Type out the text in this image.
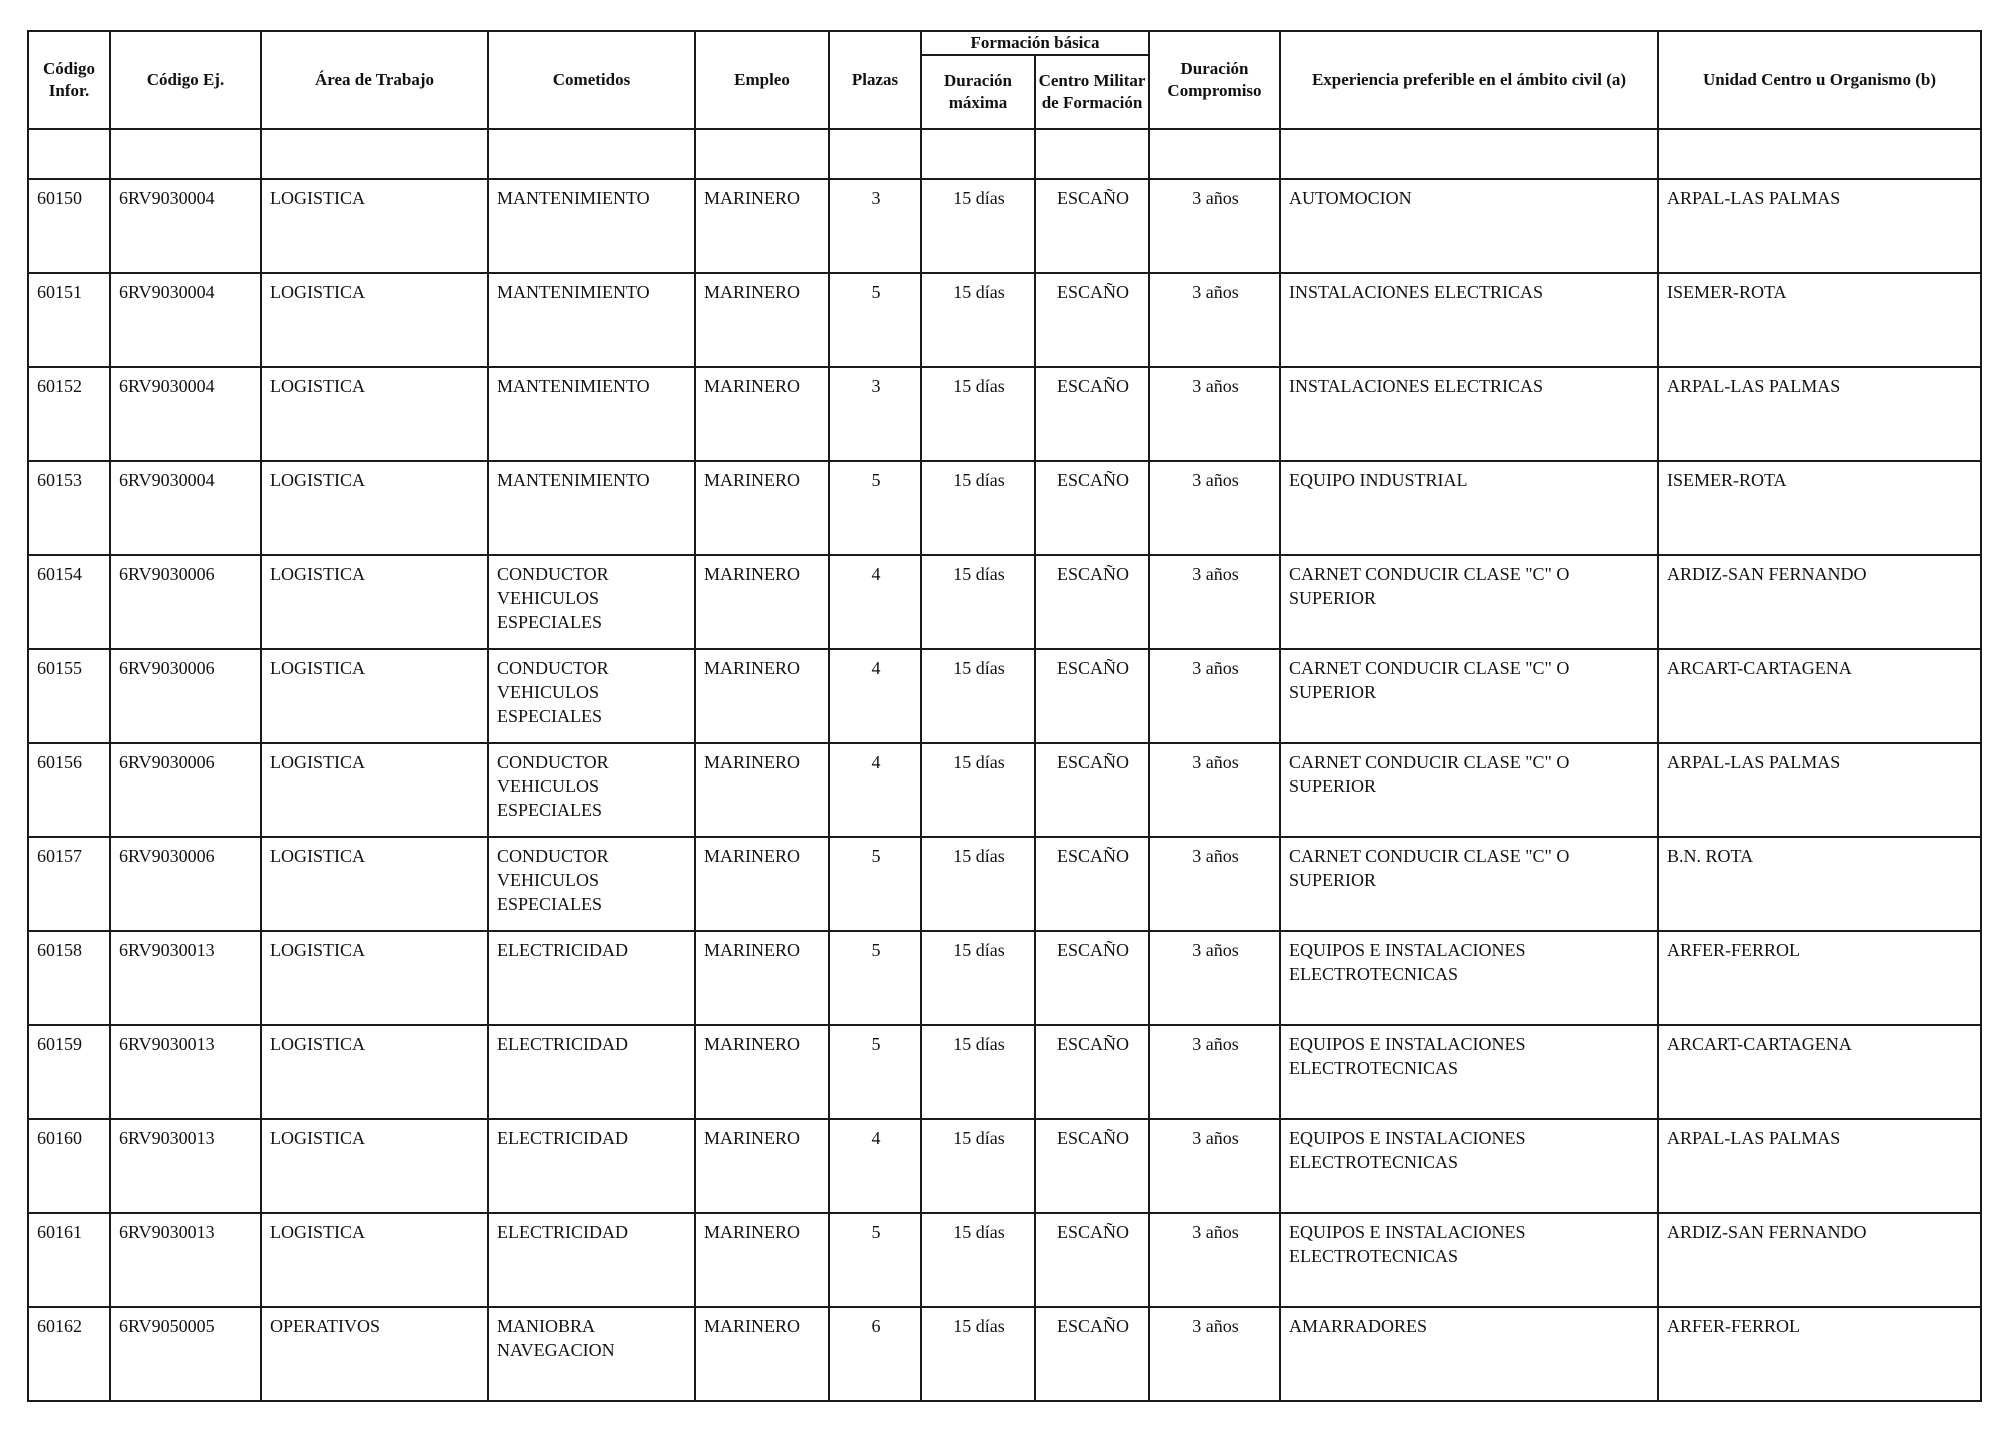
Código Infor.	Código Ej.	Área de Trabajo	Cometidos	Empleo	Plazas	Formación básica		Duración Compromiso	Experiencia preferible en el ámbito civil (a)	Unidad Centro u Organismo (b)
						Duración máxima	Centro Militar de Formación			

60150	6RV9030004	LOGISTICA	MANTENIMIENTO	MARINERO	3	15 días	ESCAÑO	3 años	AUTOMOCION	ARPAL-LAS PALMAS

60151	6RV9030004	LOGISTICA	MANTENIMIENTO	MARINERO	5	15 días	ESCAÑO	3 años	INSTALACIONES ELECTRICAS	ISEMER-ROTA

60152	6RV9030004	LOGISTICA	MANTENIMIENTO	MARINERO	3	15 días	ESCAÑO	3 años	INSTALACIONES ELECTRICAS	ARPAL-LAS PALMAS

60153	6RV9030004	LOGISTICA	MANTENIMIENTO	MARINERO	5	15 días	ESCAÑO	3 años	EQUIPO INDUSTRIAL	ISEMER-ROTA

60154	6RV9030006	LOGISTICA	CONDUCTOR
VEHICULOS
ESPECIALES	MARINERO	4	15 días	ESCAÑO	3 años	CARNET CONDUCIR CLASE "C" O
SUPERIOR	ARDIZ-SAN FERNANDO

60155	6RV9030006	LOGISTICA	CONDUCTOR
VEHICULOS
ESPECIALES	MARINERO	4	15 días	ESCAÑO	3 años	CARNET CONDUCIR CLASE "C" O
SUPERIOR	ARCART-CARTAGENA

60156	6RV9030006	LOGISTICA	CONDUCTOR
VEHICULOS
ESPECIALES	MARINERO	4	15 días	ESCAÑO	3 años	CARNET CONDUCIR CLASE "C" O
SUPERIOR	ARPAL-LAS PALMAS

60157	6RV9030006	LOGISTICA	CONDUCTOR
VEHICULOS
ESPECIALES	MARINERO	5	15 días	ESCAÑO	3 años	CARNET CONDUCIR CLASE "C" O
SUPERIOR	B.N. ROTA

60158	6RV9030013	LOGISTICA	ELECTRICIDAD	MARINERO	5	15 días	ESCAÑO	3 años	EQUIPOS E INSTALACIONES
ELECTROTECNICAS	ARFER-FERROL

60159	6RV9030013	LOGISTICA	ELECTRICIDAD	MARINERO	5	15 días	ESCAÑO	3 años	EQUIPOS E INSTALACIONES
ELECTROTECNICAS	ARCART-CARTAGENA

60160	6RV9030013	LOGISTICA	ELECTRICIDAD	MARINERO	4	15 días	ESCAÑO	3 años	EQUIPOS E INSTALACIONES
ELECTROTECNICAS	ARPAL-LAS PALMAS

60161	6RV9030013	LOGISTICA	ELECTRICIDAD	MARINERO	5	15 días	ESCAÑO	3 años	EQUIPOS E INSTALACIONES
ELECTROTECNICAS	ARDIZ-SAN FERNANDO

60162	6RV9050005	OPERATIVOS	MANIOBRA
NAVEGACION	MARINERO	6	15 días	ESCAÑO	3 años	AMARRADORES	ARFER-FERROL
